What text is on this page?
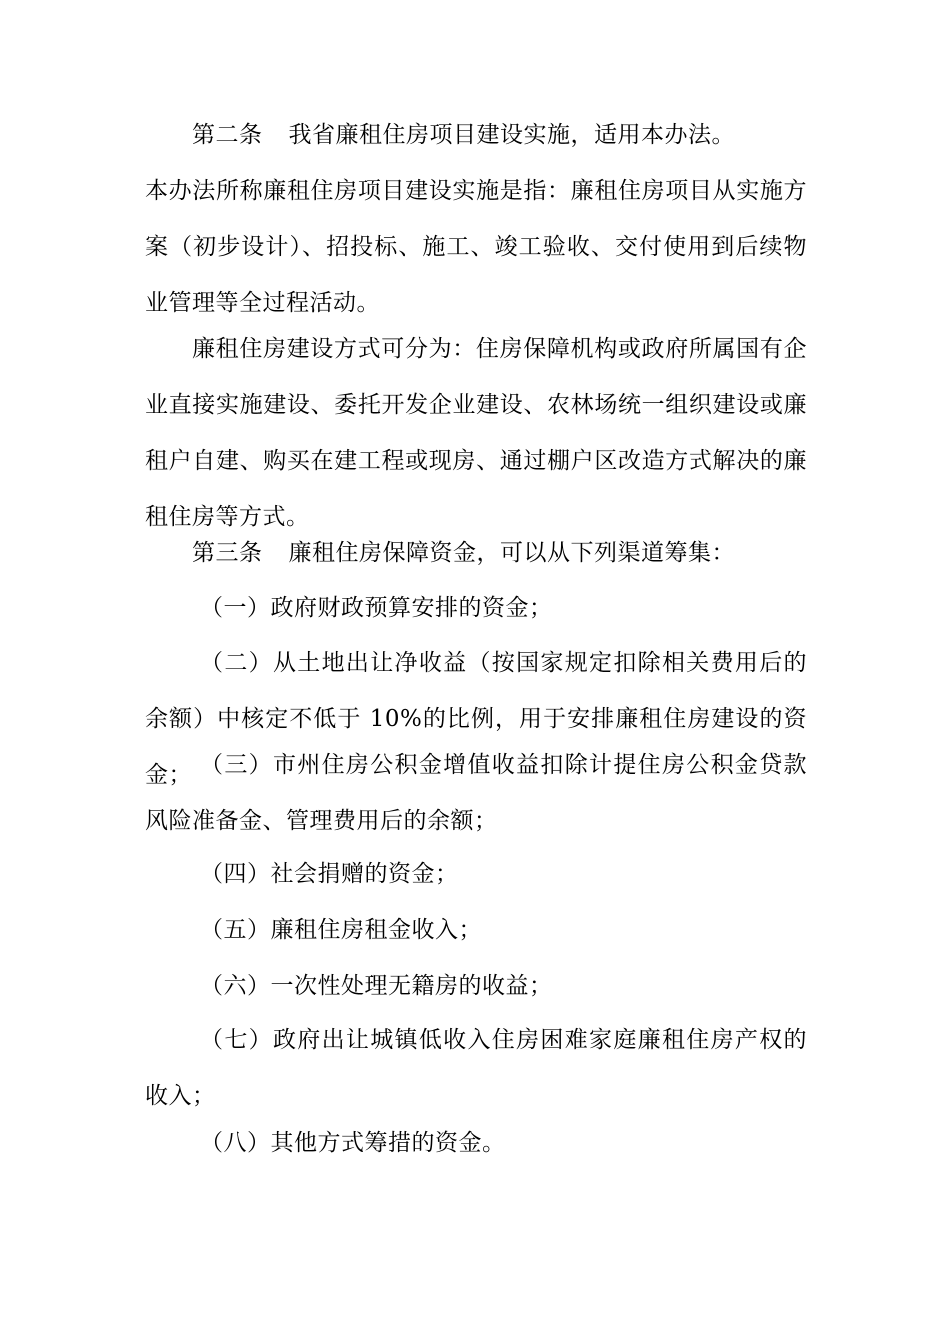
第二条 我省廉租住房项目建设实施，适用本办法。

本办法所称廉租住房项目建设实施是指：廉租住房项目从实施方案（初步设计）、招投标、施工、竣工验收、交付使用到后续物业管理等全过程活动。

廉租住房建设方式可分为：住房保障机构或政府所属国有企业直接实施建设、委托开发企业建设、农林场统一组织建设或廉租户自建、购买在建工程或现房、通过棚户区改造方式解决的廉租住房等方式。

第三条 廉租住房保障资金，可以从下列渠道筹集：

（一）政府财政预算安排的资金；

（二）从土地出让净收益（按国家规定扣除相关费用后的余额）中核定不低于 10%的比例，用于安排廉租住房建设的资金； （三）市州住房公积金增值收益扣除计提住房公积金贷款风险准备金、管理费用后的余额；

（四）社会捐赠的资金；

（五）廉租住房租金收入；

（六）一次性处理无籍房的收益；

（七）政府出让城镇低收入住房困难家庭廉租住房产权的收入；

（八）其他方式筹措的资金。
